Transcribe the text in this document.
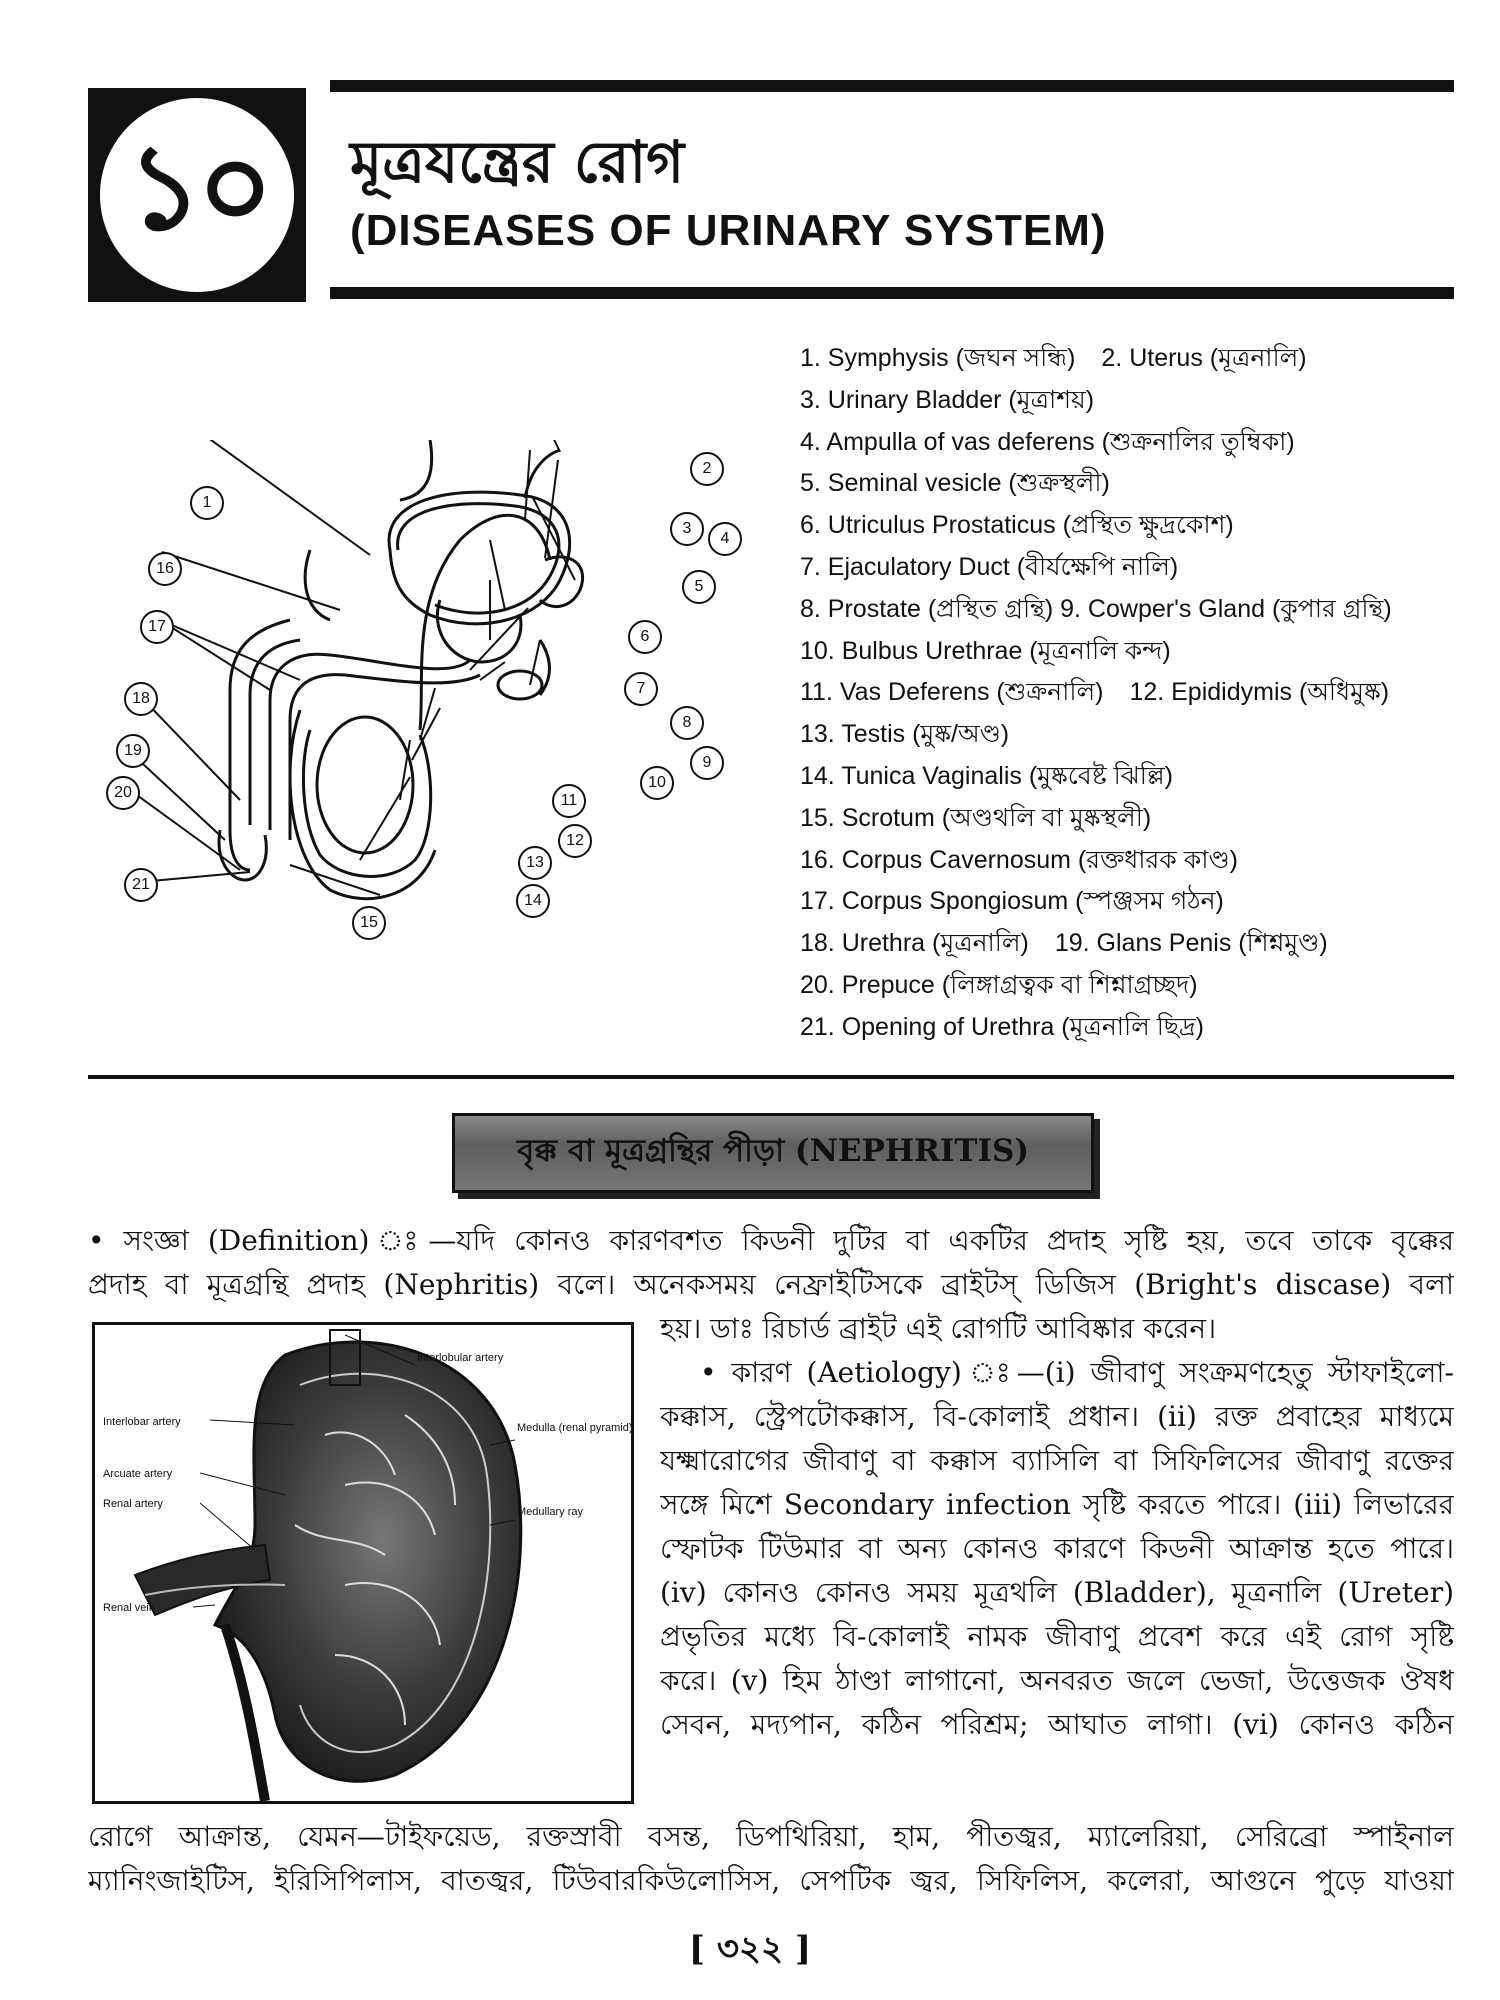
১০	মূত্রযন্ত্রের রোগ
(DISEASES OF URINARY SYSTEM)
1
2
3
4
5
6
7
8
9
10
11
12
13
14
15
16
17
18
19
20
21
1. Symphysis (জঘন সন্ধি) 2. Uterus (মূত্রনালি)
3. Urinary Bladder (মূত্রাশয়)
4. Ampulla of vas deferens (শুক্রনালির তুম্বিকা)
5. Seminal vesicle (শুক্রস্থলী)
6. Utriculus Prostaticus (প্রস্থিত ক্ষুদ্রকোশ)
7. Ejaculatory Duct (বীর্যক্ষেপি নালি)
8. Prostate (প্রস্থিত গ্রন্থি) 9. Cowper's Gland (কুপার গ্রন্থি)
10. Bulbus Urethrae (মূত্রনালি কন্দ)
11. Vas Deferens (শুক্রনালি) 12. Epididymis (অধিমুষ্ক)
13. Testis (মুষ্ক/অণ্ড)
14. Tunica Vaginalis (মুষ্কবেষ্ট ঝিল্লি)
15. Scrotum (অণ্ডথলি বা মুষ্কস্থলী)
16. Corpus Cavernosum (রক্তধারক কাণ্ড)
17. Corpus Spongiosum (স্পঞ্জসম গঠন)
18. Urethra (মূত্রনালি) 19. Glans Penis (শিশ্নমুণ্ড)
20. Prepuce (লিঙ্গাগ্রত্বক বা শিশ্নাগ্রচ্ছদ)
21. Opening of Urethra (মূত্রনালি ছিদ্র)
বৃক্ক বা মূত্রগ্রন্থির পীড়া (NEPHRITIS)
• সংজ্ঞা (Definition) ঃ—যদি কোনও কারণবশত কিডনী দুটির বা একটির প্রদাহ সৃষ্টি হয়, তবে তাকে বৃক্কের
প্রদাহ বা মূত্রগ্রন্থি প্রদাহ (Nephritis) বলে। অনেকসময় নেফ্রাইটিসকে ব্রাইটস্ ডিজিস (Bright's discase) বলা
Interlobular artery
Interlobar artery	Medulla (renal pyramid)
Arcuate artery
Renal artery
Medullary ray
Renal vein
হয়। ডাঃ রিচার্ড ব্রাইট এই রোগটি আবিষ্কার করেন।
• কারণ (Aetiology) ঃ—(i) জীবাণু সংক্রমণহেতু স্টাফাইলো-
কক্কাস, স্ট্রেপটোকক্কাস, বি-কোলাই প্রধান। (ii) রক্ত প্রবাহের মাধ্যমে
যক্ষ্মারোগের জীবাণু বা কক্কাস ব্যাসিলি বা সিফিলিসের জীবাণু রক্তের
সঙ্গে মিশে Secondary infection সৃষ্টি করতে পারে। (iii) লিভারের
স্ফোটক টিউমার বা অন্য কোনও কারণে কিডনী আক্রান্ত হতে পারে।
(iv) কোনও কোনও সময় মূত্রথলি (Bladder), মূত্রনালি (Ureter)
প্রভৃতির মধ্যে বি-কোলাই নামক জীবাণু প্রবেশ করে এই রোগ সৃষ্টি
করে। (v) হিম ঠাণ্ডা লাগানো, অনবরত জলে ভেজা, উত্তেজক ঔষধ
সেবন, মদ্যপান, কঠিন পরিশ্রম; আঘাত লাগা। (vi) কোনও কঠিন
রোগে আক্রান্ত, যেমন—টাইফয়েড, রক্তস্রাবী বসন্ত, ডিপথিরিয়া, হাম, পীতজ্বর, ম্যালেরিয়া, সেরিব্রো স্পাইনাল
ম্যানিংজাইটিস, ইরিসিপিলাস, বাতজ্বর, টিউবারকিউলোসিস, সেপটিক জ্বর, সিফিলিস, কলেরা, আগুনে পুড়ে যাওয়া
[ ৩২২ ]
